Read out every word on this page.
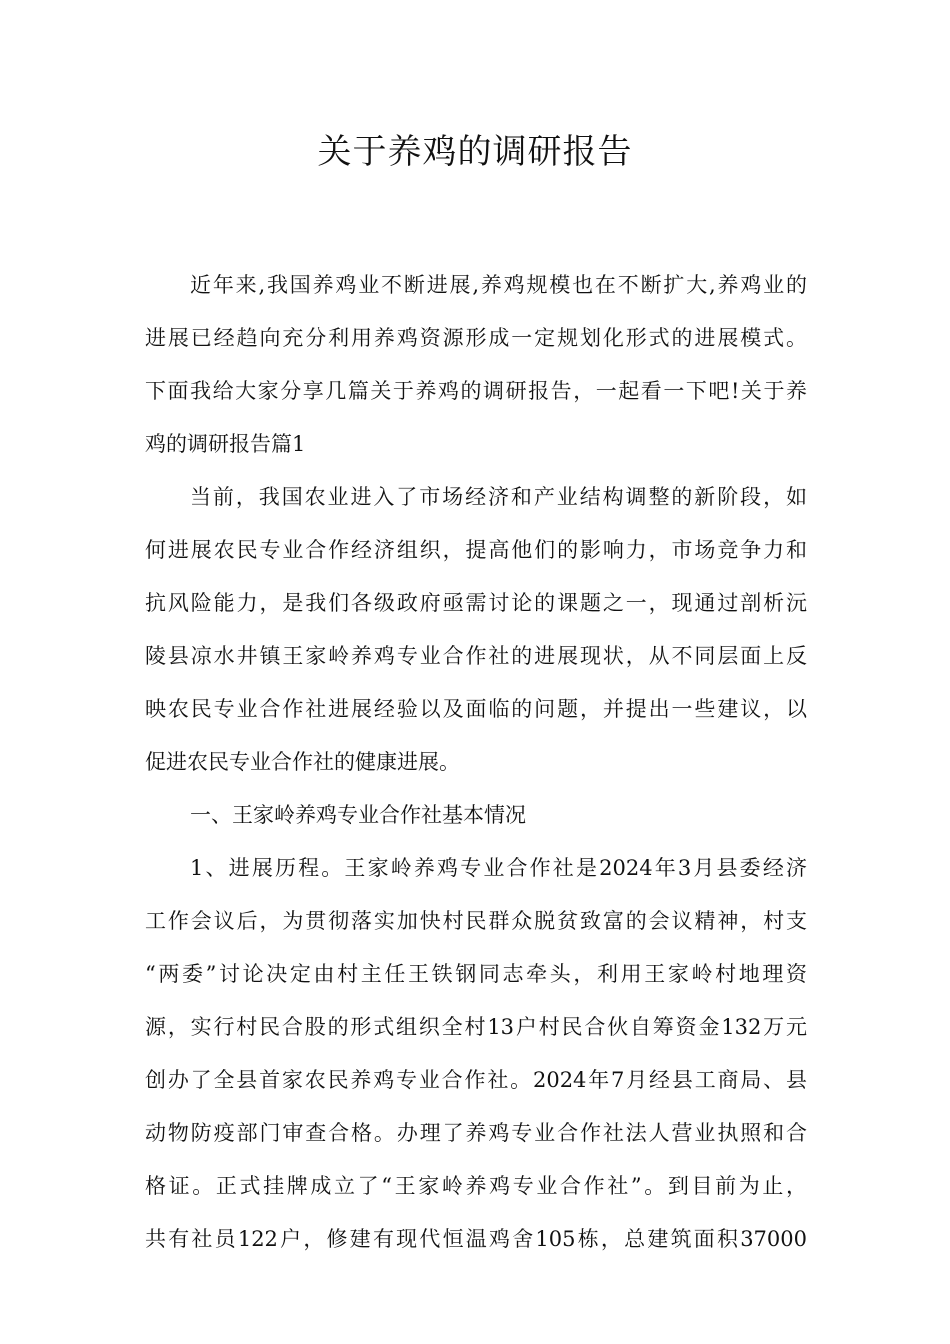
关于养鸡的调研报告

近年来,我国养鸡业不断进展,养鸡规模也在不断扩大,养鸡业的

进展已经趋向充分利用养鸡资源形成一定规划化形式的进展模式。

下面我给大家分享几篇关于养鸡的调研报告，一起看一下吧!关于养

鸡的调研报告篇1

当前，我国农业进入了市场经济和产业结构调整的新阶段，如

何进展农民专业合作经济组织，提高他们的影响力，市场竞争力和

抗风险能力，是我们各级政府亟需讨论的课题之一，现通过剖析沅

陵县凉水井镇王家岭养鸡专业合作社的进展现状，从不同层面上反

映农民专业合作社进展经验以及面临的问题，并提出一些建议，以

促进农民专业合作社的健康进展。

一、王家岭养鸡专业合作社基本情况

1、进展历程。王家岭养鸡专业合作社是2024年3月县委经济

工作会议后，为贯彻落实加快村民群众脱贫致富的会议精神，村支

“两委”讨论决定由村主任王铁钢同志牵头，利用王家岭村地理资

源，实行村民合股的形式组织全村13户村民合伙自筹资金132万元

创办了全县首家农民养鸡专业合作社。2024年7月经县工商局、县

动物防疫部门审查合格。办理了养鸡专业合作社法人营业执照和合

格证。正式挂牌成立了“王家岭养鸡专业合作社”。到目前为止，

共有社员122户，修建有现代恒温鸡舍105栋，总建筑面积37000
